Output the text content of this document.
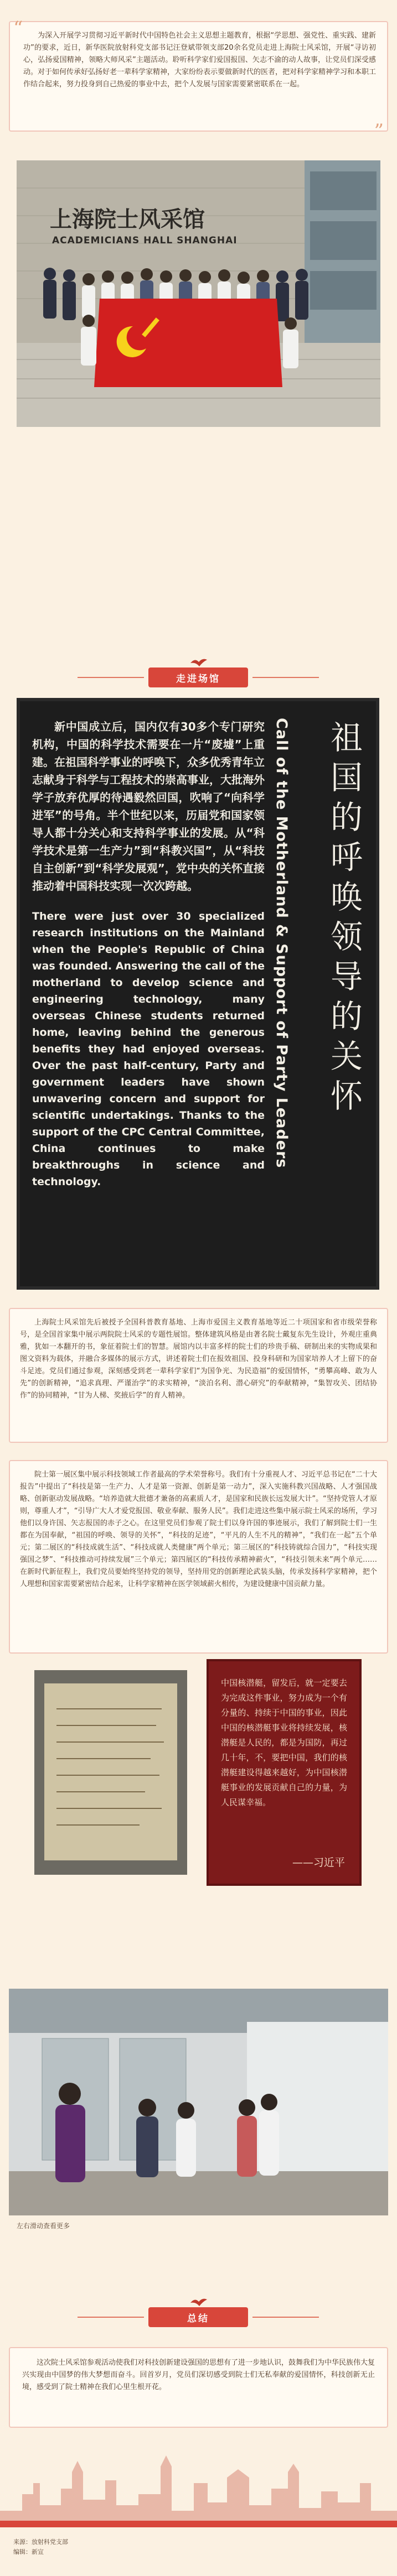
“	为深入开展学习贯彻习近平新时代中国特色社会主义思想主题教育，根据“学思想、强党性、重实践、建新功”的要求，近日，新华医院放射科党支部书记汪登斌带领支部20余名党员走进上海院士风采馆，开展“寻访初心，弘扬爱国精神，领略大师风采”主题活动。聆听科学家们爱国报国、矢志不渝的动人故事，让党员们深受感动。对于如何传承好弘扬好老一辈科学家精神，大家纷纷表示要做新时代的医者，把对科学家精神学习和本职工作结合起来，努力投身到自己热爱的事业中去，把个人发展与国家需要紧密联系在一起。

”
上海院士风采馆
ACADEMICIANS HALL SHANGHAI
走进场馆

新中国成立后，国内仅有30多个专门研究机构，中国的科学技术需要在一片“废墟”上重建。在祖国科学事业的呼唤下，众多优秀青年立志献身于科学与工程技术的崇高事业，大批海外学子放弃优厚的待遇毅然回国，吹响了“向科学进军”的号角。半个世纪以来，历届党和国家领导人都十分关心和支持科学事业的发展。从“科学技术是第一生产力”到“科教兴国”，从“科技自主创新”到“科学发展观”，党中央的关怀直接推动着中国科技实现一次次跨越。

There were just over 30 specialized research institutions on the Mainland when the People's Republic of China was founded. Answering the call of the motherland to develop science and engineering technology, many overseas Chinese students returned home, leaving behind the generous benefits they had enjoyed overseas. Over the past half-century, Party and government leaders have shown unwavering concern and support for scientific undertakings. Thanks to the support of the CPC Central Committee, China continues to make breakthroughs in science and technology.

Call of the Motherland & Support of Party Leaders	祖国的呼唤 领导的关怀

上海院士风采馆先后被授予全国科普教育基地、上海市爱国主义教育基地等近二十项国家和省市级荣誉称号，是全国首家集中展示两院院士风采的专题性展馆。整体建筑风格是由著名院士戴复东先生设计，外观庄重典雅，犹如一本翻开的书，象征着院士们的智慧。展馆内以丰富多样的院士们的珍贵手稿、研制出来的实物成果和图文资料为载体，并融合多媒体的展示方式，讲述着院士们在报效祖国、投身科研和为国家培养人才上留下的奋斗足迹。党员们通过参观，深刻感受到老一辈科学家们“为国争光、为民造福”的爱国情怀，“勇攀高峰、敢为人先”的创新精神，“追求真理、严谨治学”的求实精神，“淡泊名利、潜心研究”的奉献精神，“集智攻关、团结协作”的协同精神，“甘为人梯、奖掖后学”的育人精神。

院士第一展区集中展示科技领域工作者最高的学术荣誉称号。我们有十分重视人才、习近平总书记在“二十大报告”中提出了“科技是第一生产力、人才是第一资源、创新是第一动力”，深入实施科教兴国战略、人才强国战略、创新驱动发展战略。“培养造就大批德才兼备的高素质人才，是国家和民族长远发展大计”。“坚持党管人才原则，尊重人才”，“引导广大人才爱党报国、敬业奉献、服务人民”。我们走进这些集中展示院士风采的场所，学习他们以身许国、矢志报国的赤子之心。在这里党员们参观了院士们以身许国的事迹展示，我们了解到院士们一生都在为国奉献，“祖国的呼唤、领导的关怀”，“科技的足迹”，“平凡的人生不凡的精神”，“我们在一起”五个单元；第二展区的“科技成就生活”、“科技成就人类健康”两个单元；第三展区的“科技铸就综合国力”，“科技实现强国之梦”、“科技推动可持续发展”三个单元；第四展区的“科技传承精神薪火”，“科技引领未来”两个单元……在新时代新征程上，我们党员要始终坚持党的领导，坚持用党的创新理论武装头脑，传承发扬科学家精神，把个人理想和国家需要紧密结合起来，让科学家精神在医学领域薪火相传，为建设健康中国贡献力量。

中国核潜艇，留发后，就一定要去为完成这件事业，努力成为一个有分量的、持续于中国的事业，因此中国的核潜艇事业将持续发展，核潜艇是人民的，都是为国防，再过几十年，不，要把中国，我们的核潜艇建设得越来越好，为中国核潜艇事业的发展贡献自己的力量，为人民谋幸福。

——习近平
左右滑动查看更多
总结

这次院士风采馆参观活动使我们对科技创新建设强国的思想有了进一步地认识，鼓舞我们为中华民族伟大复兴实现由中国梦的伟大梦想而奋斗。回首岁月，党员们深切感受到院士们无私奉献的爱国情怀，科技创新无止境，感受到了院士精神在我们心里生根开花。

来源：放射科党支部
编辑：新宣
